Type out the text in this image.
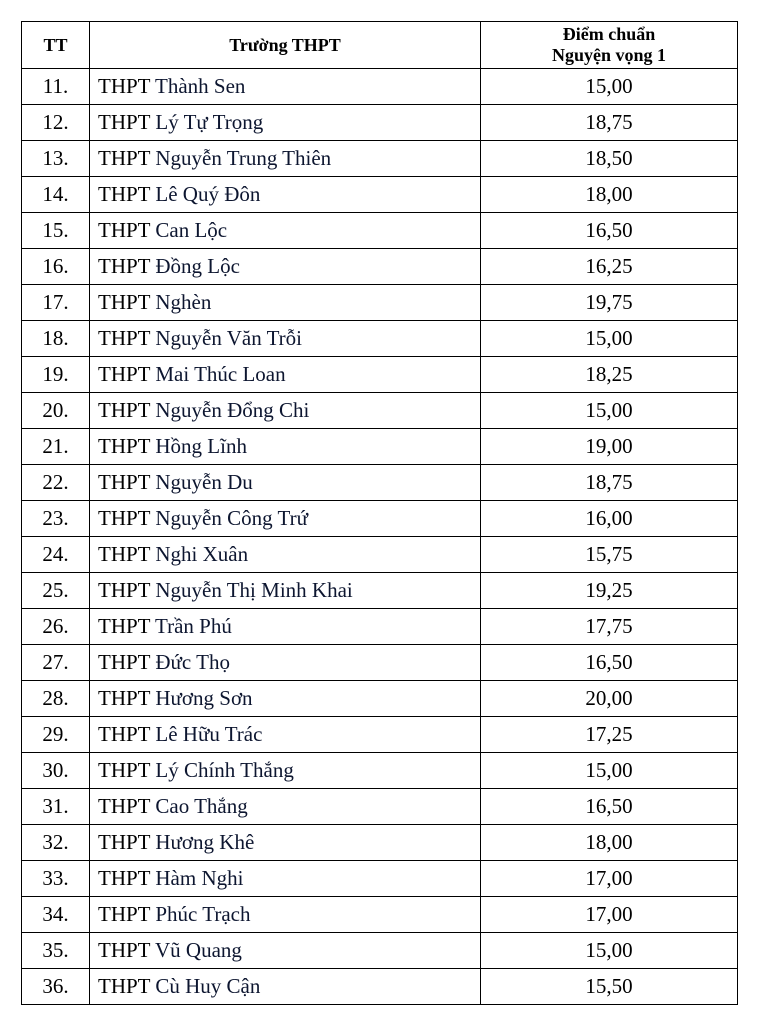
TT	Trường THPT	Điểm chuẩn
Nguyện vọng 1

11.	THPT Thành Sen	15,00
12.	THPT Lý Tự Trọng	18,75
13.	THPT Nguyễn Trung Thiên	18,50
14.	THPT Lê Quý Đôn	18,00
15.	THPT Can Lộc	16,50
16.	THPT Đồng Lộc	16,25
17.	THPT Nghèn	19,75
18.	THPT Nguyễn Văn Trỗi	15,00
19.	THPT Mai Thúc Loan	18,25
20.	THPT Nguyễn Đổng Chi	15,00
21.	THPT Hồng Lĩnh	19,00
22.	THPT Nguyễn Du	18,75
23.	THPT Nguyễn Công Trứ	16,00
24.	THPT Nghi Xuân	15,75
25.	THPT Nguyễn Thị Minh Khai	19,25
26.	THPT Trần Phú	17,75
27.	THPT Đức Thọ	16,50
28.	THPT Hương Sơn	20,00
29.	THPT Lê Hữu Trác	17,25
30.	THPT Lý Chính Thắng	15,00
31.	THPT Cao Thắng	16,50
32.	THPT Hương Khê	18,00
33.	THPT Hàm Nghi	17,00
34.	THPT Phúc Trạch	17,00
35.	THPT Vũ Quang	15,00
36.	THPT Cù Huy Cận	15,50
